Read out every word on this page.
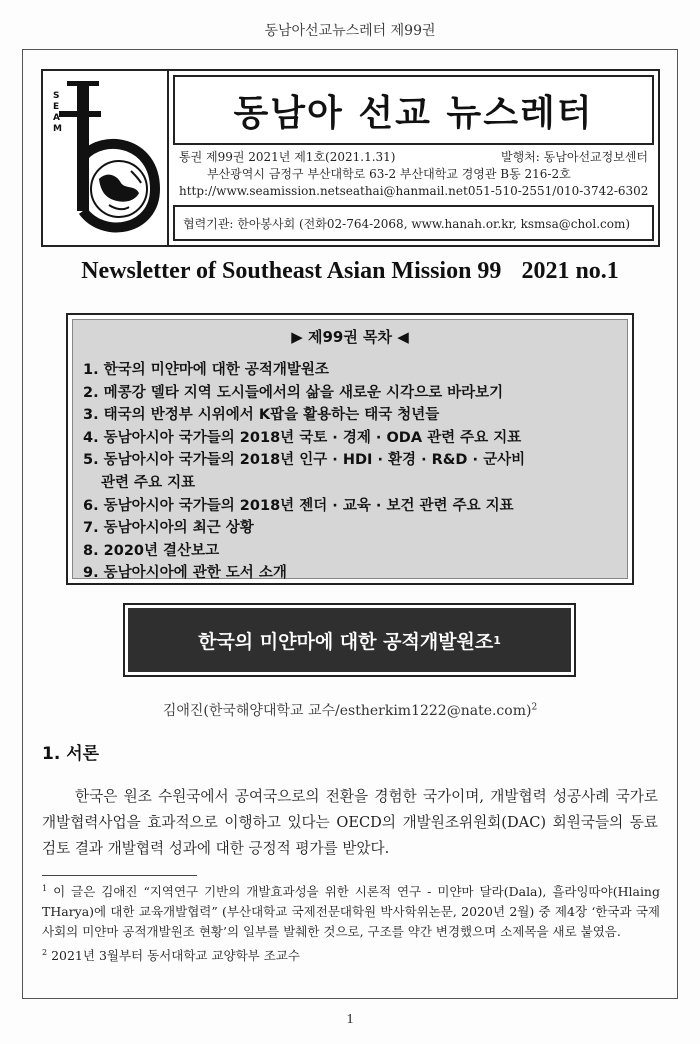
동남아선교뉴스레터 제99권
SEAM	동남아 선교 뉴스레터
통권 제99권 2021년 제1호(2021.1.31)	발행처: 동남아선교정보센터
부산광역시 금정구 부산대학로 63-2 부산대학교 경영관 B동 216-2호
http://www.seamission.net seathai@hanmail.net 051-510-2551/010-3742-6302
협력기관: 한아봉사회 (전화02-764-2068, www.hanah.or.kr, ksmsa@chol.com)
Newsletter of Southeast Asian Mission 99 2021 no.1
▶ 제99권 목차 ◀
1. 한국의 미얀마에 대한 공적개발원조
2. 메콩강 델타 지역 도시들에서의 삶을 새로운 시각으로 바라보기
3. 태국의 반정부 시위에서 K팝을 활용하는 태국 청년들
4. 동남아시아 국가들의 2018년 국토 · 경제 · ODA 관련 주요 지표
5. 동남아시아 국가들의 2018년 인구 · HDI · 환경 · R&D · 군사비
관련 주요 지표
6. 동남아시아 국가들의 2018년 젠더 · 교육 · 보건 관련 주요 지표
7. 동남아시아의 최근 상황
8. 2020년 결산보고
9. 동남아시아에 관한 도서 소개
한국의 미얀마에 대한 공적개발원조 1
김애진(한국해양대학교 교수/estherkim1222@nate.com)$^2$
1. 서론

한국은 원조 수원국에서 공여국으로의 전환을 경험한 국가이며, 개발협력 성공사례 국가로 개발협력사업을 효과적으로 이행하고 있다는 OECD의 개발원조위원회(DAC) 회원국들의 동료검토 결과 개발협력 성과에 대한 긍정적 평가를 받았다.

$^1$ 이 글은 김애진 “지역연구 기반의 개발효과성을 위한 시론적 연구 - 미얀마 달라(Dala), 흘라잉따야(Hlaing THarya)에 대한 교육개발협력” (부산대학교 국제전문대학원 박사학위논문, 2020년 2월) 중 제4장 ‘한국과 국제사회의 미얀마 공적개발원조 현황’의 일부를 발췌한 것으로, 구조를 약간 변경했으며 소제목을 새로 붙였음.
$^2$ 2021년 3월부터 동서대학교 교양학부 조교수
1
